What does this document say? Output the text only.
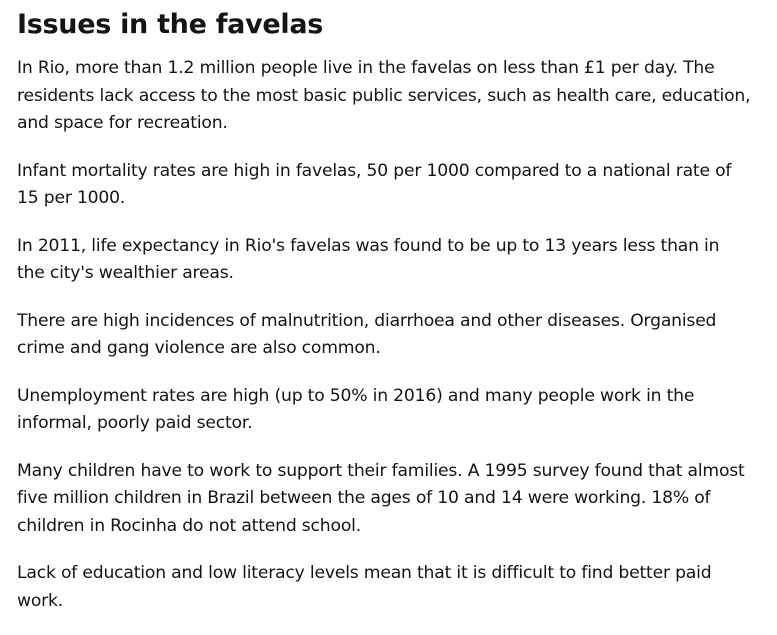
Issues in the favelas

In Rio, more than 1.2 million people live in the favelas on less than £1 per day. The residents lack access to the most basic public services, such as health care, education, and space for recreation.

Infant mortality rates are high in favelas, 50 per 1000 compared to a national rate of 15 per 1000.

In 2011, life expectancy in Rio's favelas was found to be up to 13 years less than in the city's wealthier areas.

There are high incidences of malnutrition, diarrhoea and other diseases. Organised crime and gang violence are also common.

Unemployment rates are high (up to 50% in 2016) and many people work in the informal, poorly paid sector.

Many children have to work to support their families. A 1995 survey found that almost five million children in Brazil between the ages of 10 and 14 were working. 18% of children in Rocinha do not attend school.

Lack of education and low literacy levels mean that it is difficult to find better paid work.
